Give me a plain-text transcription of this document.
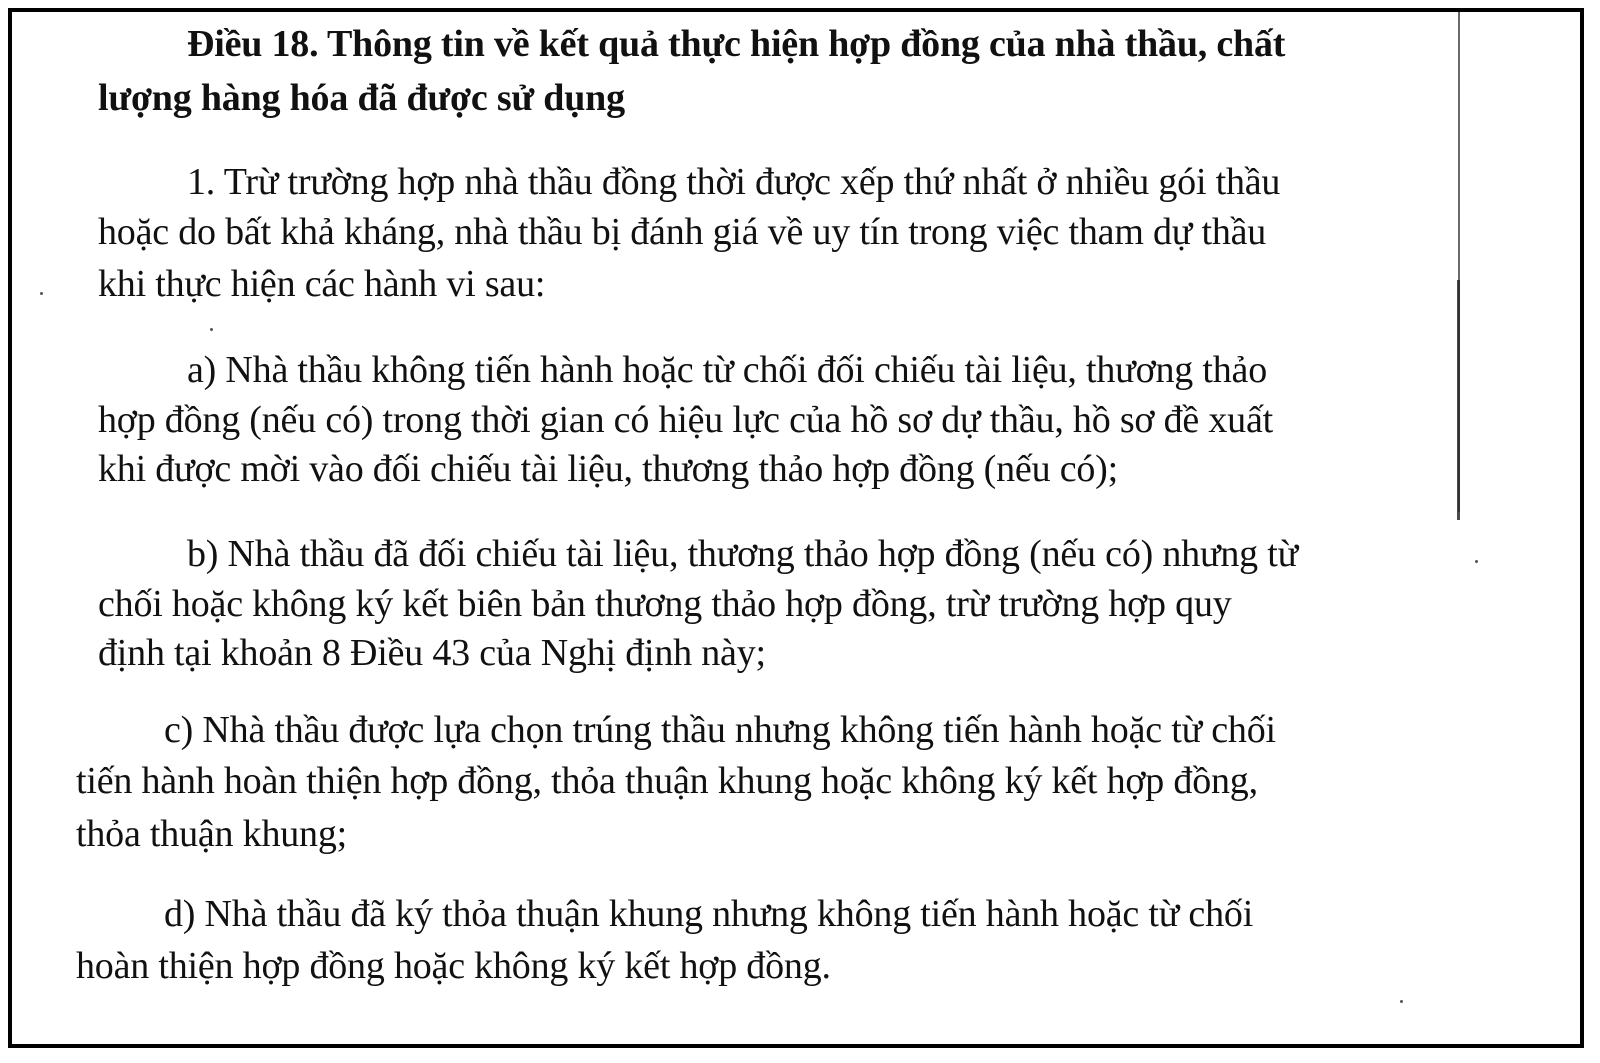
Điều 18. Thông tin về kết quả thực hiện hợp đồng của nhà thầu, chất
lượng hàng hóa đã được sử dụng
1. Trừ trường hợp nhà thầu đồng thời được xếp thứ nhất ở nhiều gói thầu
hoặc do bất khả kháng, nhà thầu bị đánh giá về uy tín trong việc tham dự thầu
khi thực hiện các hành vi sau:
a) Nhà thầu không tiến hành hoặc từ chối đối chiếu tài liệu, thương thảo
hợp đồng (nếu có) trong thời gian có hiệu lực của hồ sơ dự thầu, hồ sơ đề xuất
khi được mời vào đối chiếu tài liệu, thương thảo hợp đồng (nếu có);
b) Nhà thầu đã đối chiếu tài liệu, thương thảo hợp đồng (nếu có) nhưng từ
chối hoặc không ký kết biên bản thương thảo hợp đồng, trừ trường hợp quy
định tại khoản 8 Điều 43 của Nghị định này;
c) Nhà thầu được lựa chọn trúng thầu nhưng không tiến hành hoặc từ chối
tiến hành hoàn thiện hợp đồng, thỏa thuận khung hoặc không ký kết hợp đồng,
thỏa thuận khung;
d) Nhà thầu đã ký thỏa thuận khung nhưng không tiến hành hoặc từ chối
hoàn thiện hợp đồng hoặc không ký kết hợp đồng.
